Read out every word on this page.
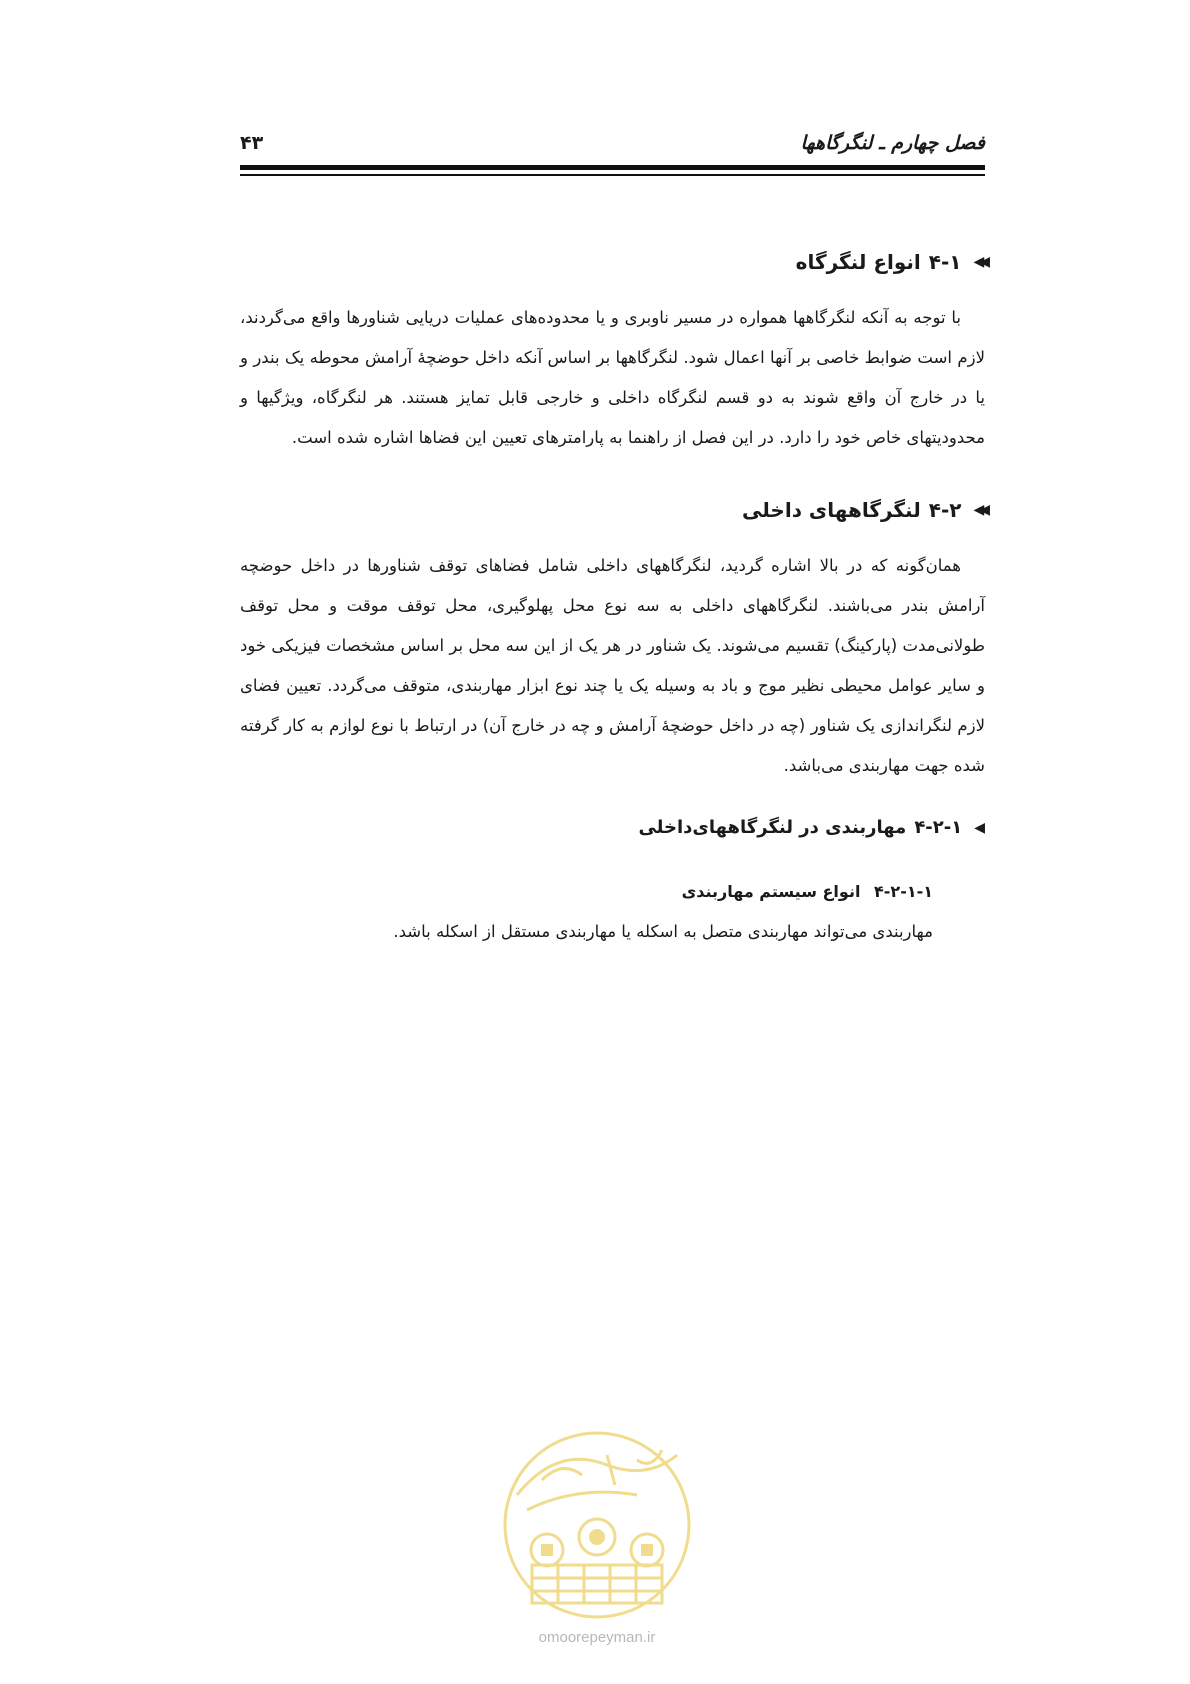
فصل چهارم ـ لنگرگاهها
۴۳
◀◀
۴-۱
انواع لنگرگاه

با توجه به آنکه لنگرگاهها همواره در مسیر ناوبری و یا محدوده‌های عملیات دریایی شناورها واقع می‌گردند، لازم است ضوابط خاصی بر آنها اعمال شود. لنگرگاهها بر اساس آنکه داخل حوضچهٔ آرامش محوطه یک بندر و یا در خارج آن واقع شوند به دو قسم لنگرگاه داخلی و خارجی قابل تمایز هستند. هر لنگرگاه، ویژگیها و محدودیتهای خاص خود را دارد. در این فصل از راهنما به پارامترهای تعیین این فضاها اشاره شده است.

◀◀
۴-۲
لنگرگاههای داخلی

همان‌گونه که در بالا اشاره گردید، لنگرگاههای داخلی شامل فضاهای توقف شناورها در داخل حوضچه آرامش بندر می‌باشند. لنگرگاههای داخلی به سه نوع محل پهلوگیری، محل توقف موقت و محل توقف طولانی‌مدت (پارکینگ) تقسیم می‌شوند. یک شناور در هر یک از این سه محل بر اساس مشخصات فیزیکی خود و سایر عوامل محیطی نظیر موج و باد به وسیله یک یا چند نوع ابزار مهاربندی، متوقف می‌گردد. تعیین فضای لازم لنگراندازی یک شناور (چه در داخل حوضچهٔ آرامش و چه در خارج آن) در ارتباط با نوع لوازم به کار گرفته شده جهت مهاربندی می‌باشد.

◀
۴-۲-۱
مهاربندی در لنگرگاههای‌داخلی
۴-۲-۱-۱ انواع سیستم مهاربندی

مهاربندی می‌تواند مهاربندی متصل به اسکله یا مهاربندی مستقل از اسکله باشد.

omoorepeyman.ir
